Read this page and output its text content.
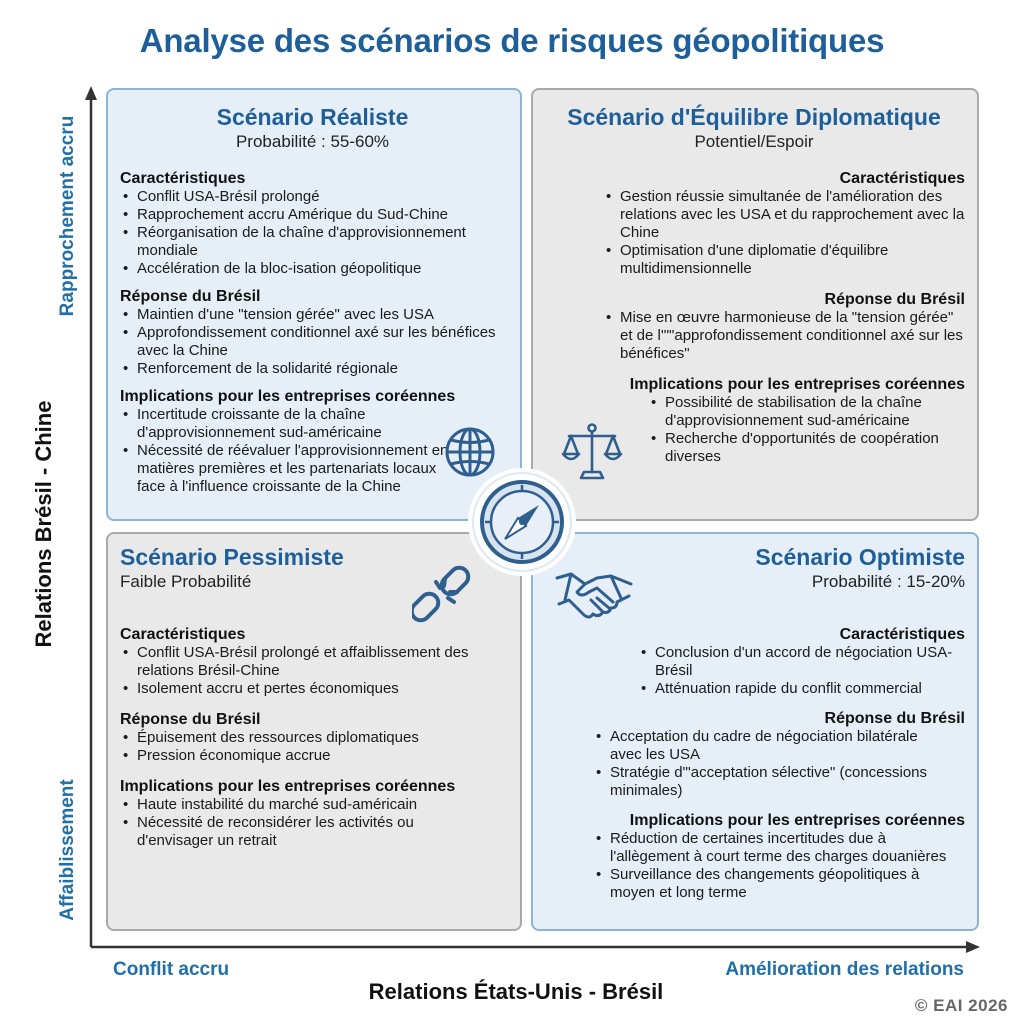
Analyse des scénarios de risques géopolitiques
Rapprochement accru
Relations Brésil - Chine
Affaiblissement
Conflit accru	Amélioration des relations
Relations États-Unis - Brésil
© EAI 2026
Scénario Réaliste
Probabilité : 55-60%
Caractéristiques
• Conflit USA-Brésil prolongé
• Rapprochement accru Amérique du Sud-Chine
• Réorganisation de la chaîne d'approvisionnement mondiale
• Accélération de la bloc-isation géopolitique
Réponse du Brésil
• Maintien d'une "tension gérée" avec les USA
• Approfondissement conditionnel axé sur les bénéfices avec la Chine
• Renforcement de la solidarité régionale
Implications pour les entreprises coréennes
• Incertitude croissante de la chaîne d'approvisionnement sud-américaine
• Nécessité de réévaluer l'approvisionnement en matières premières et les partenariats locaux face à l'influence croissante de la Chine
Scénario d'Équilibre Diplomatique
Potentiel/Espoir
Caractéristiques
• Gestion réussie simultanée de l'amélioration des relations avec les USA et du rapprochement avec la Chine
• Optimisation d'une diplomatie d'équilibre multidimensionnelle
Réponse du Brésil
• Mise en œuvre harmonieuse de la "tension gérée" et de l'""approfondissement conditionnel axé sur les bénéfices"
Implications pour les entreprises coréennes
• Possibilité de stabilisation de la chaîne d'approvisionnement sud-américaine
• Recherche d'opportunités de coopération diverses
Scénario Pessimiste
Faible Probabilité
Caractéristiques
• Conflit USA-Brésil prolongé et affaiblissement des relations Brésil-Chine
• Isolement accru et pertes économiques
Réponse du Brésil
• Épuisement des ressources diplomatiques
• Pression économique accrue
Implications pour les entreprises coréennes
• Haute instabilité du marché sud-américain
• Nécessité de reconsidérer les activités ou d'envisager un retrait
Scénario Optimiste
Probabilité : 15-20%
Caractéristiques
• Conclusion d'un accord de négociation USA-Brésil
• Atténuation rapide du conflit commercial
Réponse du Brésil
• Acceptation du cadre de négociation bilatérale avec les USA
• Stratégie d'"acceptation sélective" (concessions minimales)
Implications pour les entreprises coréennes
• Réduction de certaines incertitudes due à l'allègement à court terme des charges douanières
• Surveillance des changements géopolitiques à moyen et long terme
